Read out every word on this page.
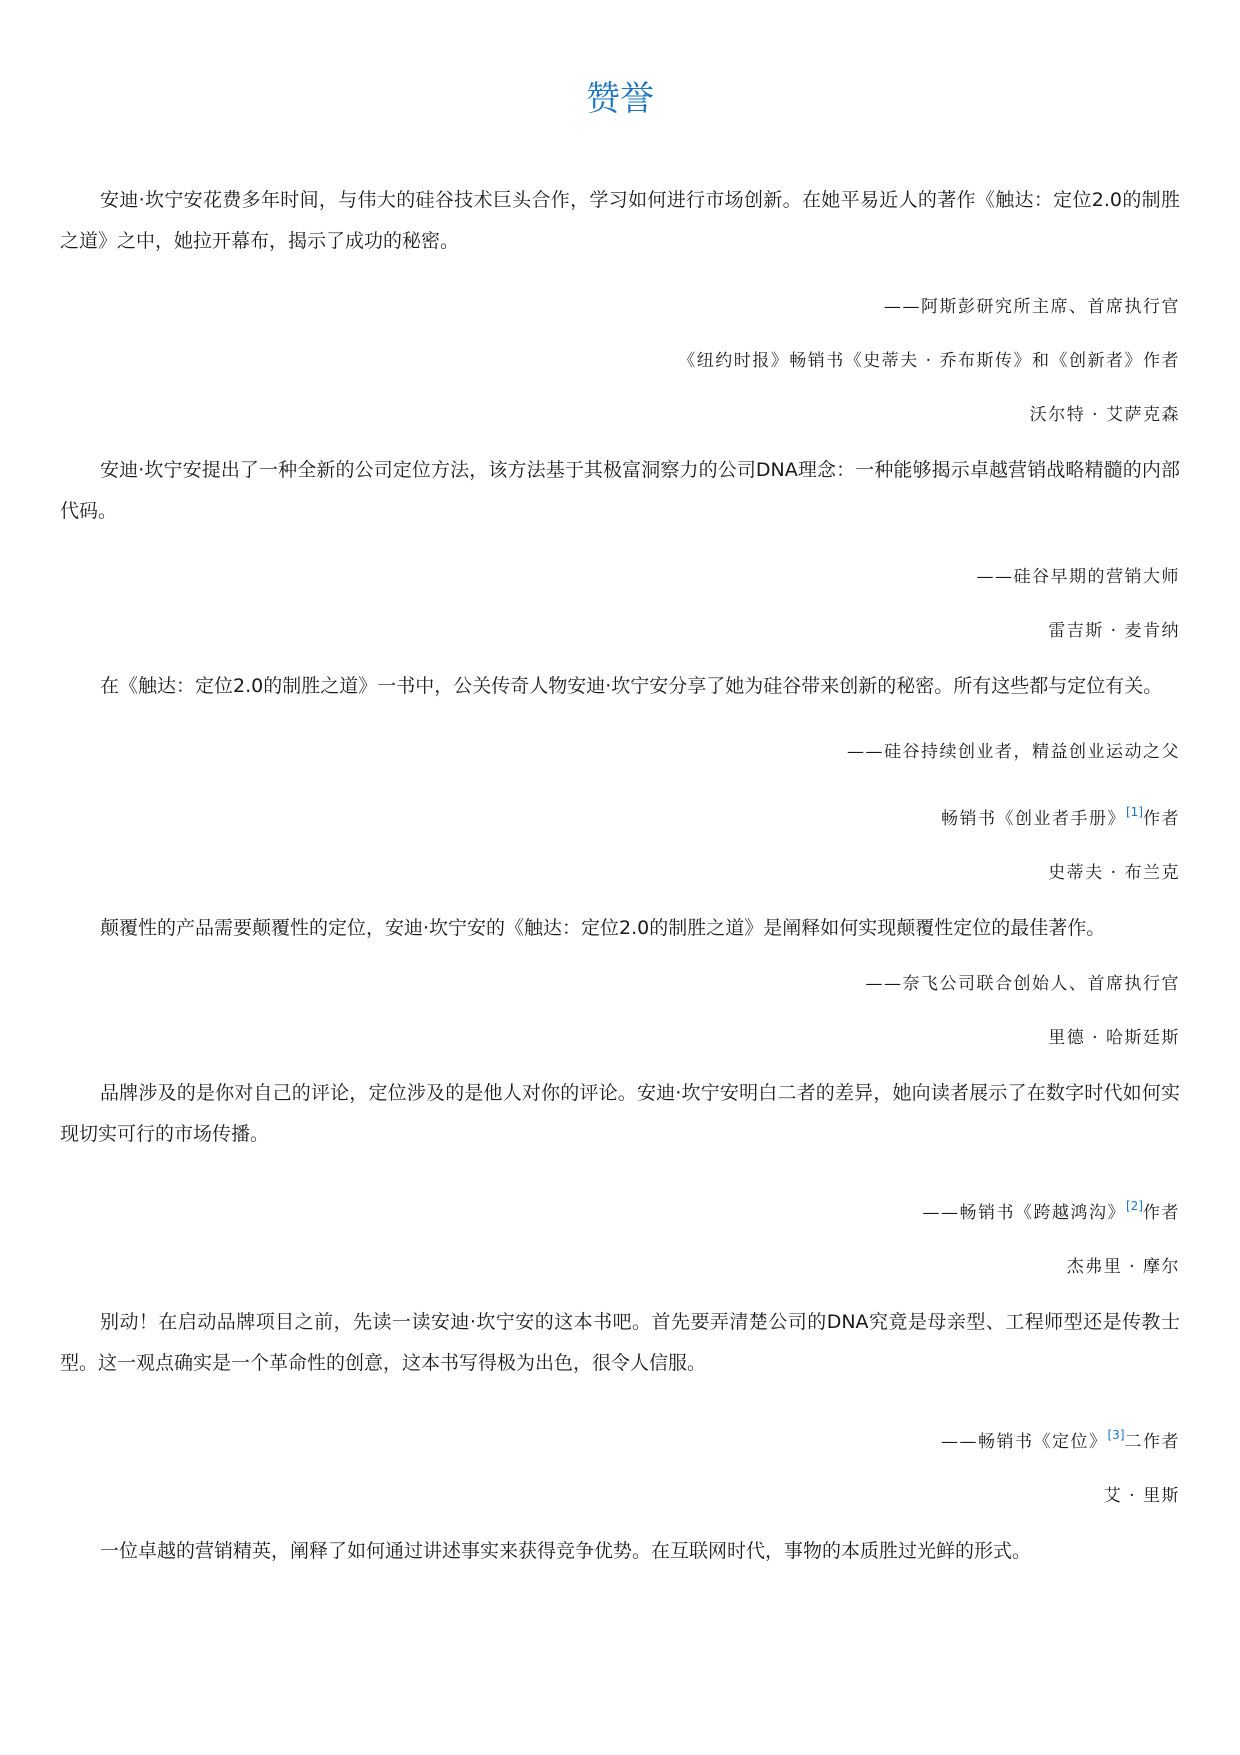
赞誉

安迪·坎宁安花费多年时间，与伟大的硅谷技术巨头合作，学习如何进行市场创新。在她平易近人的著作《触达：定位2.0的制胜之道》之中，她拉开幕布，揭示了成功的秘密。

——阿斯彭研究所主席、首席执行官

《纽约时报》畅销书《史蒂夫 · 乔布斯传》和《创新者》作者

沃尔特 · 艾萨克森

安迪·坎宁安提出了一种全新的公司定位方法，该方法基于其极富洞察力的公司DNA理念：一种能够揭示卓越营销战略精髓的内部代码。

——硅谷早期的营销大师

雷吉斯 · 麦肯纳

在《触达：定位2.0的制胜之道》一书中，公关传奇人物安迪·坎宁安分享了她为硅谷带来创新的秘密。所有这些都与定位有关。

——硅谷持续创业者，精益创业运动之父

畅销书《创业者手册》[1]作者

史蒂夫 · 布兰克

颠覆性的产品需要颠覆性的定位，安迪·坎宁安的《触达：定位2.0的制胜之道》是阐释如何实现颠覆性定位的最佳著作。

——奈飞公司联合创始人、首席执行官

里德 · 哈斯廷斯

品牌涉及的是你对自己的评论，定位涉及的是他人对你的评论。安迪·坎宁安明白二者的差异，她向读者展示了在数字时代如何实现切实可行的市场传播。

——畅销书《跨越鸿沟》[2]作者

杰弗里 · 摩尔

别动！在启动品牌项目之前，先读一读安迪·坎宁安的这本书吧。首先要弄清楚公司的DNA究竟是母亲型、工程师型还是传教士型。这一观点确实是一个革命性的创意，这本书写得极为出色，很令人信服。

——畅销书《定位》[3]二作者

艾 · 里斯

一位卓越的营销精英，阐释了如何通过讲述事实来获得竞争优势。在互联网时代，事物的本质胜过光鲜的形式。
